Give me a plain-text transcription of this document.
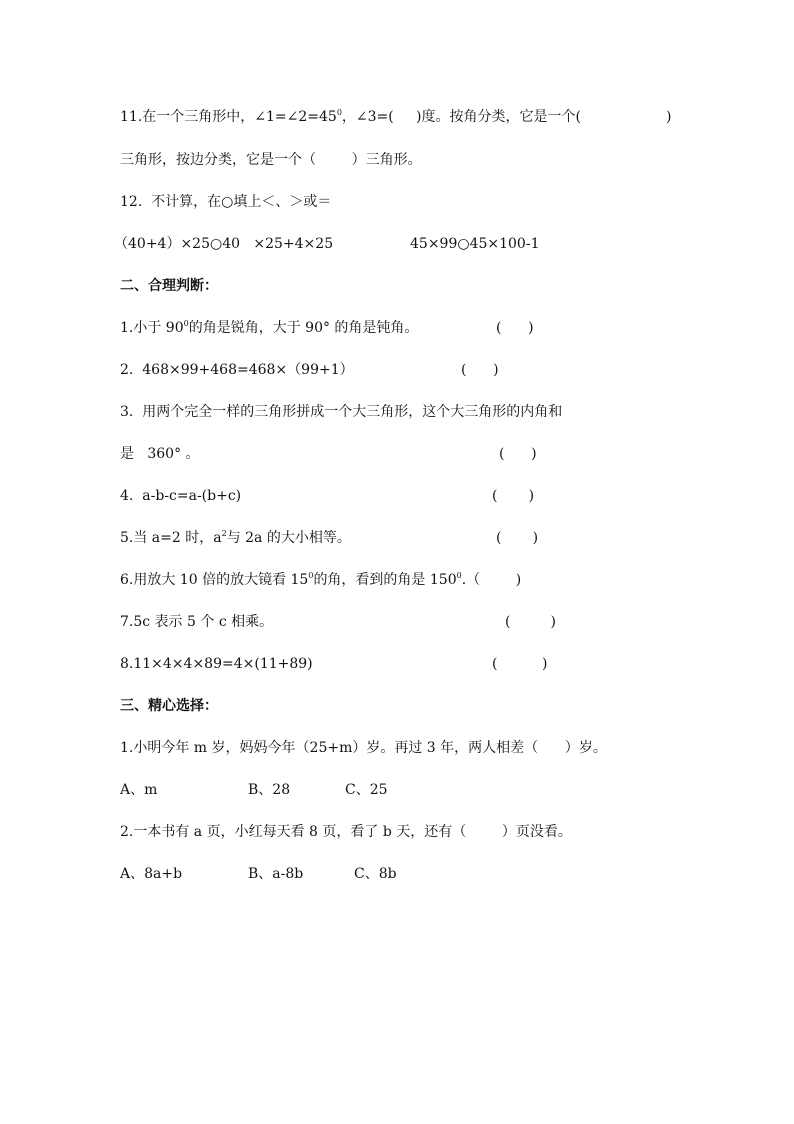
11.在一个三角形中，$\angle 1=\angle 2=45^0$，∠3=(     )度。按角分类，它是一个(	)
三角形，按边分类，它是一个（        ）三角形。
12.  不计算，在○填上＜、＞或＝
（40+4）×25○40   ×25+4×25	45×99○45×100-1
二、合理判断：
1.小于 $90^0$的角是锐角，大于 90° 的角是钝角。	(      )
2.  468×99+468=468×（99+1）	(      )
3.  用两个完全一样的三角形拼成一个大三角形，这个大三角形的内角和
是   360° 。	(      )
4.  a-b-c=a-(b+c)	(       )
5.当 a=2 时，$a^2$与 2a 的大小相等。	(       )
6.用放大 10 倍的放大镜看 $15^0$的角，看到的角是 $150^0$.（        )
7.5c 表示 5 个 c 相乘。	(         )
8.11×4×4×89=4×(11+89)	(          )
三、精心选择：
1.小明今年 m 岁，妈妈今年（25+m）岁。再过 3 年，两人相差（      ）岁。
A、m	B、28	C、25
2.一本书有 a 页，小红每天看 8 页，看了 b 天，还有（        ）页没看。
A、8a+b	B、a-8b	C、8b
